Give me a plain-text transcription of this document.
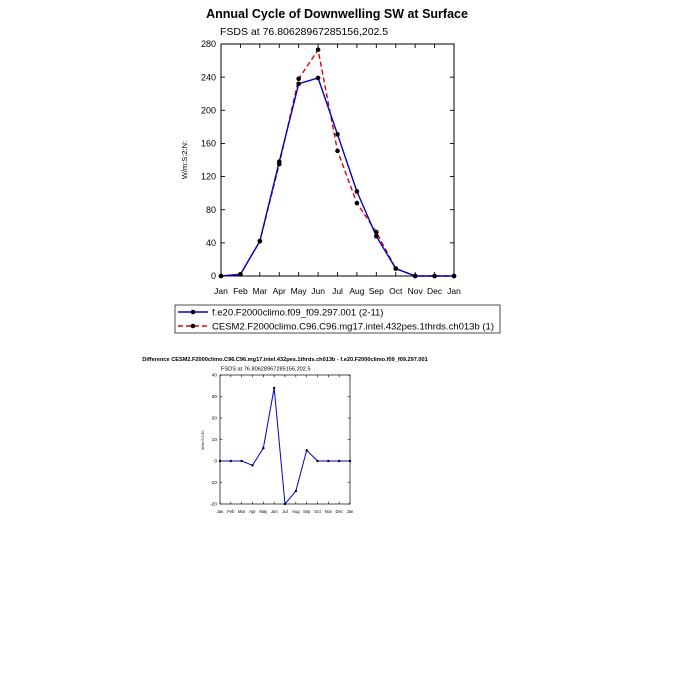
Annual Cycle of Downwelling SW at Surface
FSDS at 76.80628967285156,202.5
W/m:S:2:N:
0
40
80
120
160
200
240
280
Jan Feb Mar Apr May Jun Jul Aug Sep Oct Nov Dec Jan
f.e20.F2000climo.f09_f09.297.001 (2-11)
CESM2.F2000climo.C96.C96.mg17.intel.432pes.1thrds.ch013b (1)
Difference CESM2.F2000climo.C96.C96.mg17.intel.432pes.1thrds.ch013b - f.e20.F2000climo.f09_f09.297.001
FSDS at 76.80628967285156,202.5
W/m:S:2:N:
-20
-10
0
10
20
30
40
Jan Feb Mar Apr May Jun Jul Aug Sep Oct Nov Dec Jan
